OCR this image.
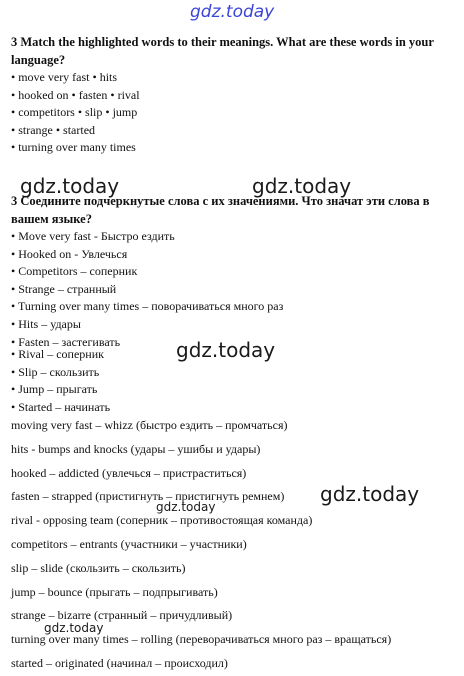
gdz.today
gdz.today	gdz.today
gdz.today
gdz.today
gdz.today
gdz.today
3 Match the highlighted words to their meanings. What are these words in your language?
• move very fast • hits
• hooked on • fasten • rival
• competitors • slip • jump
• strange • started
• turning over many times
3 Соедините подчеркнутые слова с их значениями. Что значат эти слова в вашем языке?
• Move very fast - Быстро ездить
• Hooked on - Увлечься
• Competitors – соперник
• Strange – странный
• Turning over many times – поворачиваться много раз
• Hits – удары
• Fasten – застегивать
• Rival – соперник
• Slip – скользить
• Jump – прыгать
• Started – начинать
moving very fast – whizz (быстро ездить – промчаться)
hits - bumps and knocks (удары – ушибы и удары)
hooked – addicted (увлечься – пристраститься)
fasten – strapped (пристигнуть – пристигнуть ремнем)
rival - opposing team (соперник – противостоящая команда)
competitors – entrants (участники – участники)
slip – slide (скользить – скользить)
jump – bounce (прыгать – подпрыгивать)
strange – bizarre (странный – причудливый)
turning over many times – rolling (переворачиваться много раз – вращаться)
started – originated (начинал – происходил)
